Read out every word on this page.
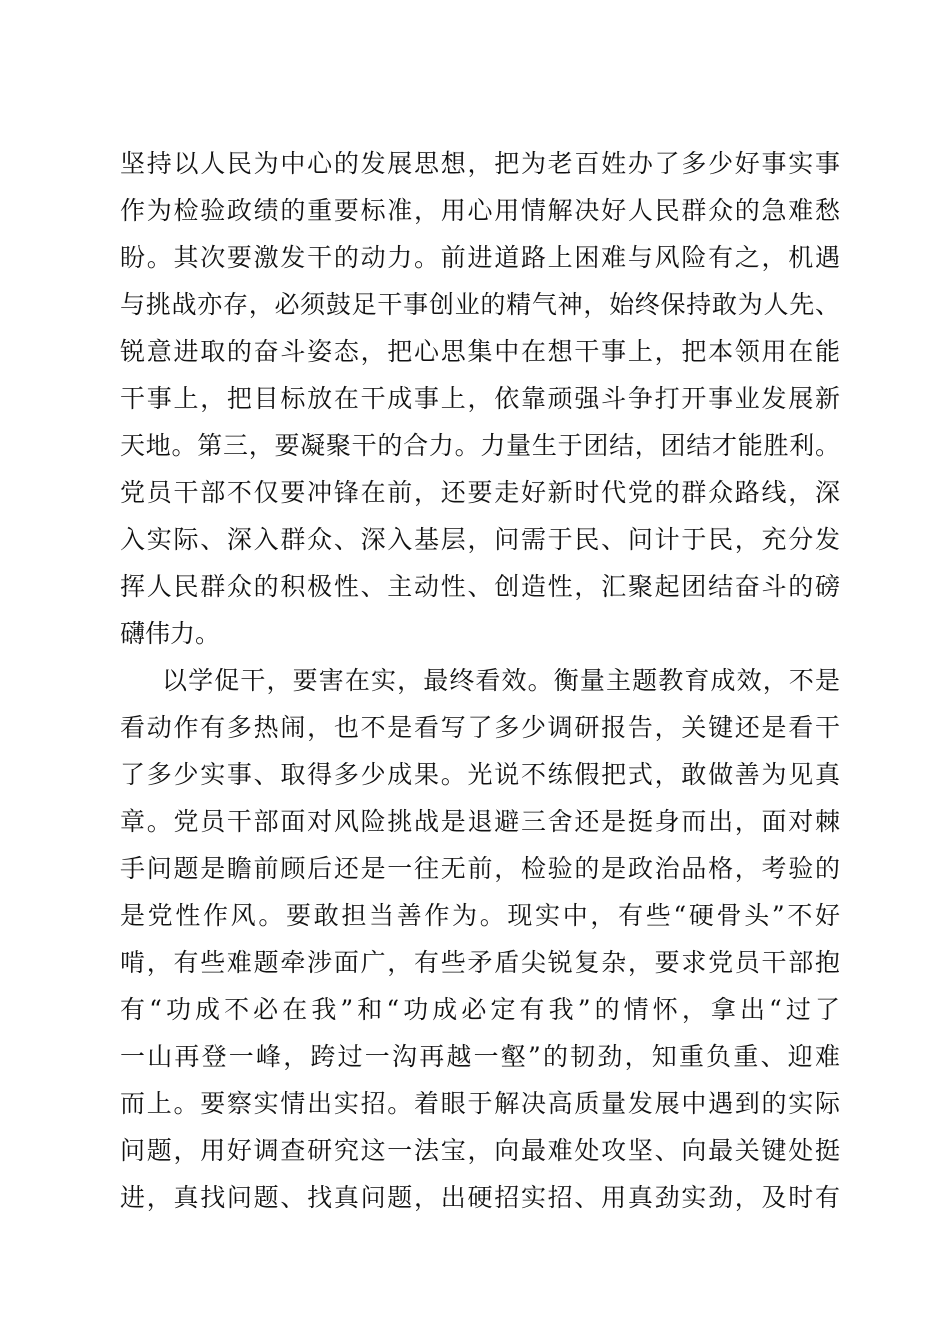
坚持以人民为中心的发展思想，把为老百姓办了多少好事实事
作为检验政绩的重要标准，用心用情解决好人民群众的急难愁
盼。其次要激发干的动力。前进道路上困难与风险有之，机遇
与挑战亦存，必须鼓足干事创业的精气神，始终保持敢为人先、
锐意进取的奋斗姿态，把心思集中在想干事上，把本领用在能
干事上，把目标放在干成事上，依靠顽强斗争打开事业发展新
天地。第三，要凝聚干的合力。力量生于团结，团结才能胜利。
党员干部不仅要冲锋在前，还要走好新时代党的群众路线，深
入实际、深入群众、深入基层，问需于民、问计于民，充分发
挥人民群众的积极性、主动性、创造性，汇聚起团结奋斗的磅
礴伟力。
以学促干，要害在实，最终看效。衡量主题教育成效，不是
看动作有多热闹，也不是看写了多少调研报告，关键还是看干
了多少实事、取得多少成果。光说不练假把式，敢做善为见真
章。党员干部面对风险挑战是退避三舍还是挺身而出，面对棘
手问题是瞻前顾后还是一往无前，检验的是政治品格，考验的
是党性作风。要敢担当善作为。现实中，有些“硬骨头”不好
啃，有些难题牵涉面广，有些矛盾尖锐复杂，要求党员干部抱
有“功成不必在我”和“功成必定有我”的情怀，拿出“过了
一山再登一峰，跨过一沟再越一壑”的韧劲，知重负重、迎难
而上。要察实情出实招。着眼于解决高质量发展中遇到的实际
问题，用好调查研究这一法宝，向最难处攻坚、向最关键处挺
进，真找问题、找真问题，出硬招实招、用真劲实劲，及时有
